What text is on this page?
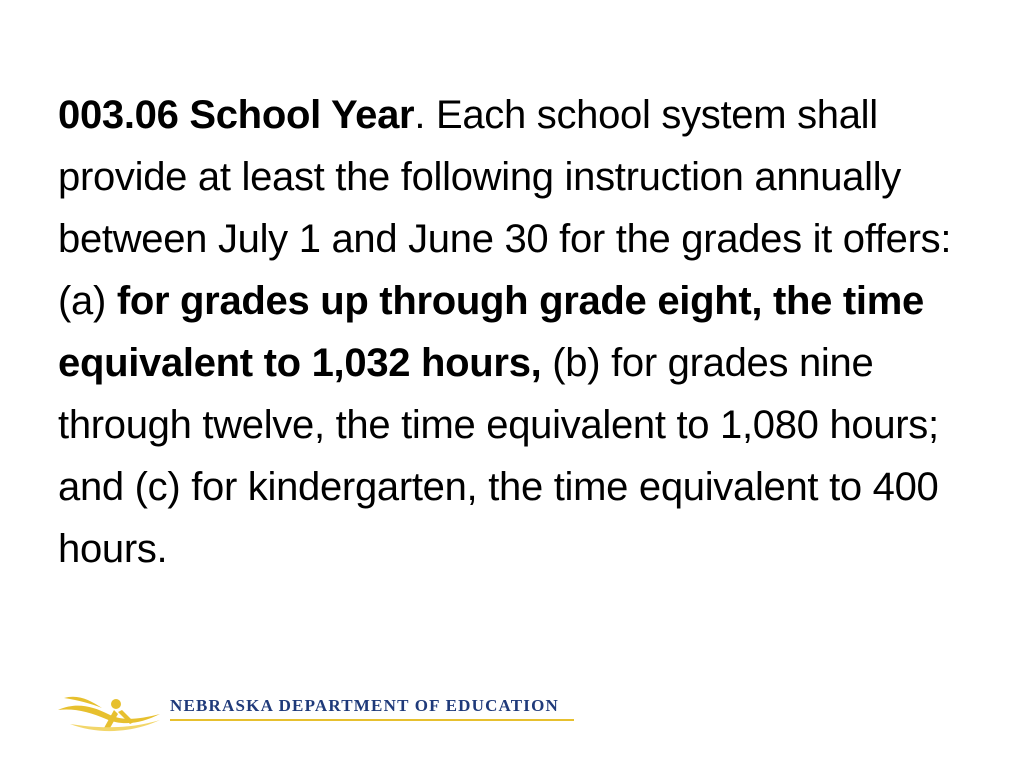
003.06 School Year. Each school system shall provide at least the following instruction annually between July 1 and June 30 for the grades it offers: (a) for grades up through grade eight, the time equivalent to 1,032 hours, (b) for grades nine through twelve, the time equivalent to 1,080 hours; and (c) for kindergarten, the time equivalent to 400 hours.

NEBRASKA DEPARTMENT OF EDUCATION
